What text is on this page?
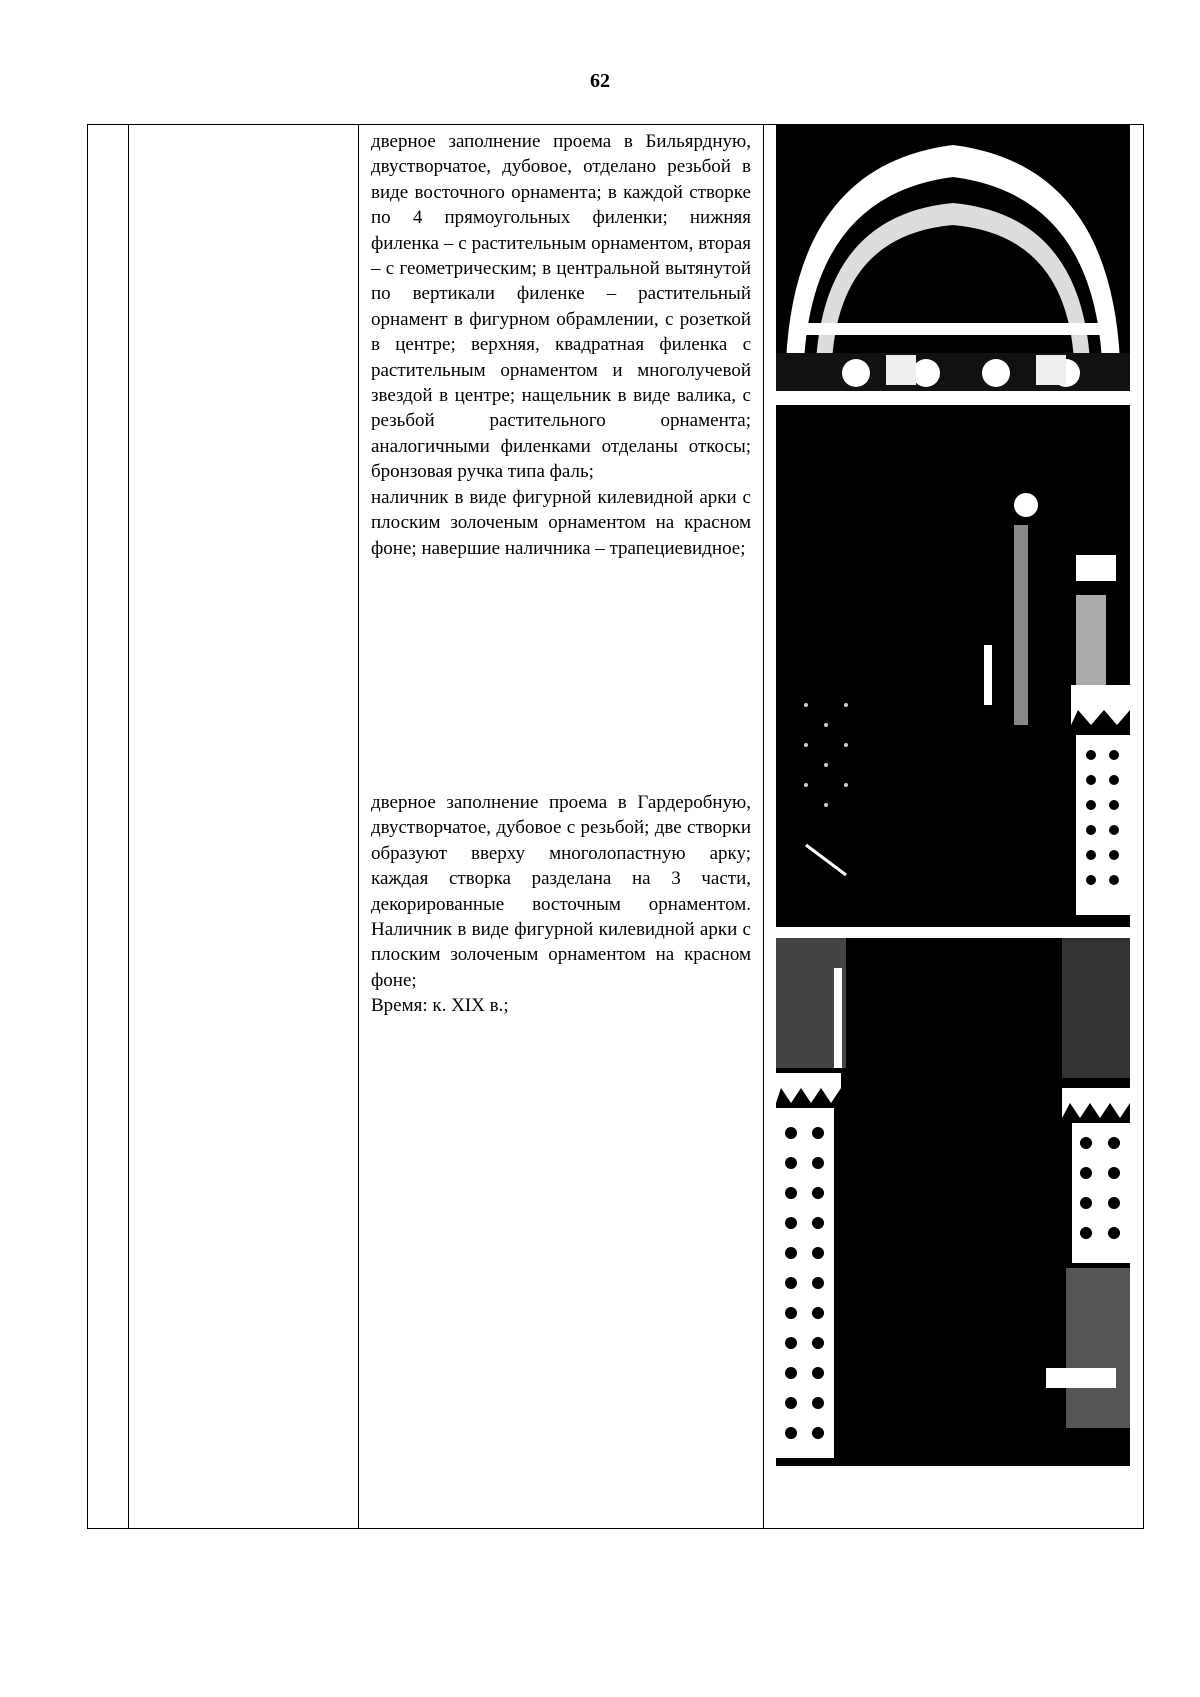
62

дверное заполнение проема в Бильярдную, двустворчатое, дубовое, отделано резьбой в виде восточного орнамента; в каждой створке по 4 прямоугольных филенки; нижняя филенка – с растительным орнаментом, вторая – с геометрическим; в центральной вытянутой по вертикали филенке – растительный орнамент в фигурном обрамлении, с розеткой в центре; верхняя, квадратная филенка с растительным орнаментом и многолучевой звездой в центре; нащельник в виде валика, с резьбой растительного орнамента; аналогичными филенками отделаны откосы; бронзовая ручка типа фаль;

наличник в виде фигурной килевидной арки с плоским золоченым орнаментом на красном фоне; навершие наличника – трапециевидное;

дверное заполнение проема в Гардеробную, двустворчатое, дубовое с резьбой; две створки образуют вверху многолопастную арку; каждая створка разделана на 3 части, декорированные восточным орнаментом. Наличник в виде фигурной килевидной арки с плоским золоченым орнаментом на красном фоне;

Время: к. XIX в.;
